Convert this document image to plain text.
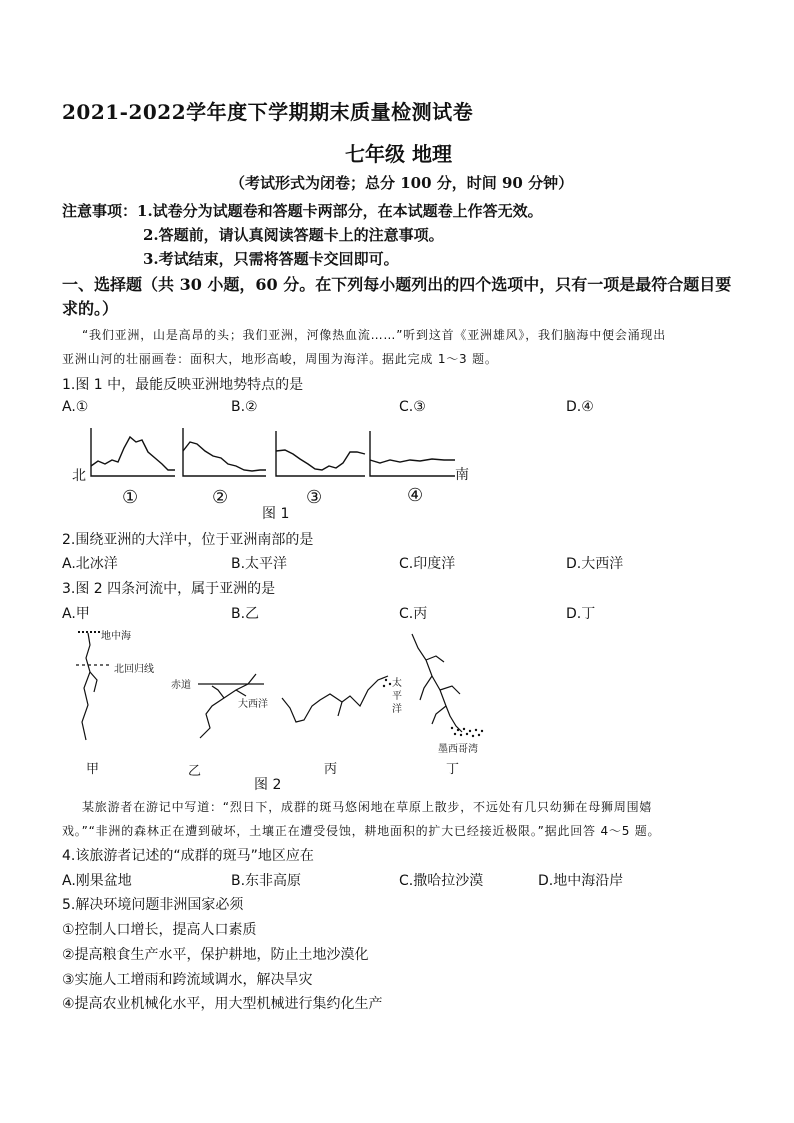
2021-2022学年度下学期期末质量检测试卷
七年级 地理
（考试形式为闭卷；总分 100 分，时间 90 分钟）
注意事项：1.试卷分为试题卷和答题卡两部分，在本试题卷上作答无效。
2.答题前，请认真阅读答题卡上的注意事项。
3.考试结束，只需将答题卡交回即可。
一、选择题（共 30 小题，60 分。在下列每小题列出的四个选项中，只有一项是最符合题目要
求的。）
“我们亚洲，山是高昂的头；我们亚洲，河像热血流……”听到这首《亚洲雄风》，我们脑海中便会涌现出
亚洲山河的壮丽画卷：面积大，地形高峻，周围为海洋。据此完成 1～3 题。
1.图 1 中，最能反映亚洲地势特点的是
A.①	B.②	C.③	D.④
北	南
①	②	③	④
图 1
2.围绕亚洲的大洋中，位于亚洲南部的是
A.北冰洋	B.太平洋	C.印度洋	D.大西洋
3.图 2 四条河流中，属于亚洲的是
A.甲	B.乙	C.丙	D.丁
地中海
北回归线
赤道
大西洋
太
平
洋
墨西哥湾
甲	乙	丙	丁
图 2
某旅游者在游记中写道：“烈日下，成群的斑马悠闲地在草原上散步，不远处有几只幼狮在母狮周围嬉
戏。”“非洲的森林正在遭到破坏，土壤正在遭受侵蚀，耕地面积的扩大已经接近极限。”据此回答 4～5 题。
4.该旅游者记述的“成群的斑马”地区应在
A.刚果盆地	B.东非高原	C.撒哈拉沙漠	D.地中海沿岸
5.解决环境问题非洲国家必须
①控制人口增长，提高人口素质
②提高粮食生产水平，保护耕地，防止土地沙漠化
③实施人工增雨和跨流域调水，解决旱灾
④提高农业机械化水平，用大型机械进行集约化生产
